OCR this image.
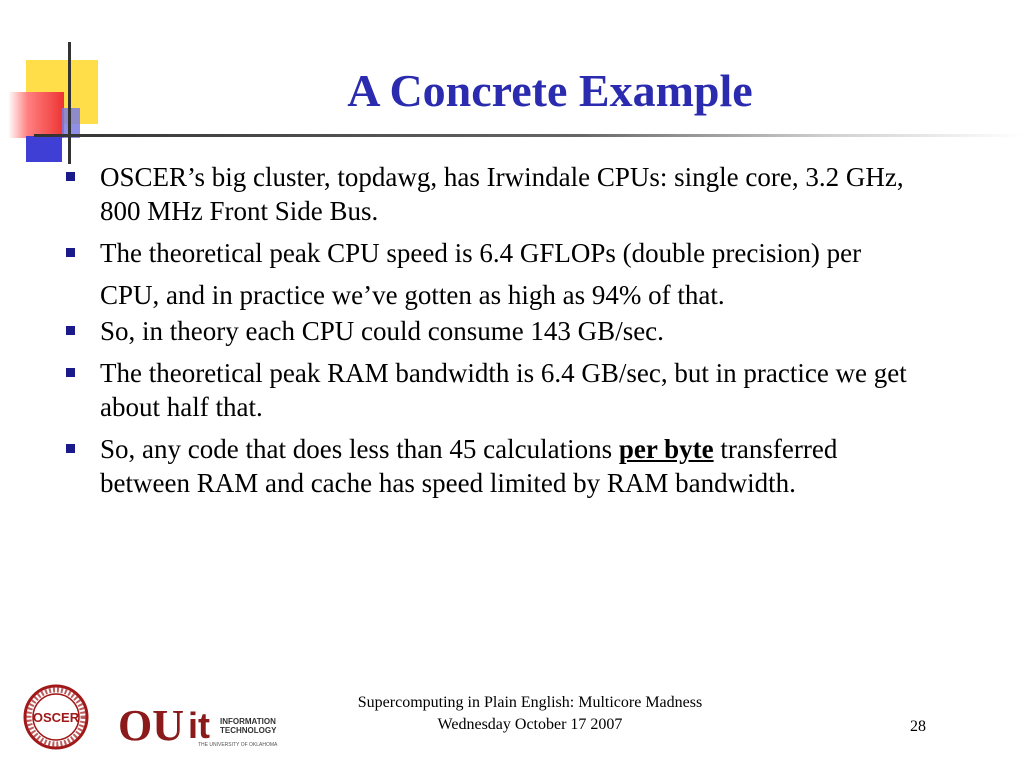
A Concrete Example
OSCER’s big cluster, topdawg, has Irwindale CPUs: single core, 3.2 GHz, 800 MHz Front Side Bus.
The theoretical peak CPU speed is 6.4 GFLOPs (double precision) per CPU, and in practice we’ve gotten as high as 94% of that.
So, in theory each CPU could consume 143 GB/sec.
The theoretical peak RAM bandwidth is 6.4 GB/sec, but in practice we get about half that.
So, any code that does less than 45 calculations per byte transferred between RAM and cache has speed limited by RAM bandwidth.
OSCER OU it INFORMATION
TECHNOLOGY
THE UNIVERSITY OF OKLAHOMA
Supercomputing in Plain English: Multicore Madness
Wednesday October 17 2007	28
